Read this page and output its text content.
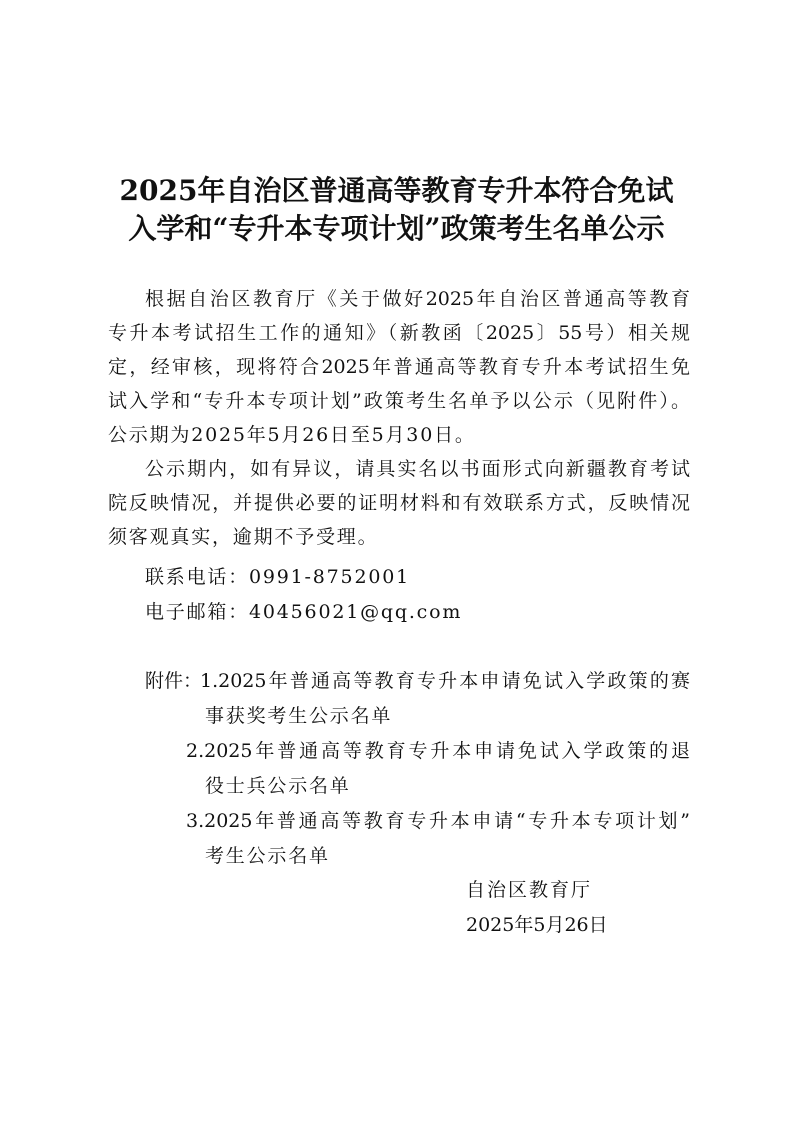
2025年自治区普通高等教育专升本符合免试
入学和“专升本专项计划”政策考生名单公示
根据自治区教育厅《关于做好2025年自治区普通高等教育
专升本考试招生工作的通知》（新教函〔2025〕55号）相关规
定，经审核，现将符合2025年普通高等教育专升本考试招生免
试入学和“专升本专项计划”政策考生名单予以公示（见附件）。
公示期为2025年5月26日至5月30日。
公示期内，如有异议，请具实名以书面形式向新疆教育考试
院反映情况，并提供必要的证明材料和有效联系方式，反映情况
须客观真实，逾期不予受理。
联系电话：0991-8752001
电子邮箱：40456021@qq.com
附件：
1.2025年普通高等教育专升本申请免试入学政策的赛
事获奖考生公示名单
2.2025年普通高等教育专升本申请免试入学政策的退
役士兵公示名单
3.2025年普通高等教育专升本申请“专升本专项计划”
考生公示名单
自治区教育厅
2025年5月26日
